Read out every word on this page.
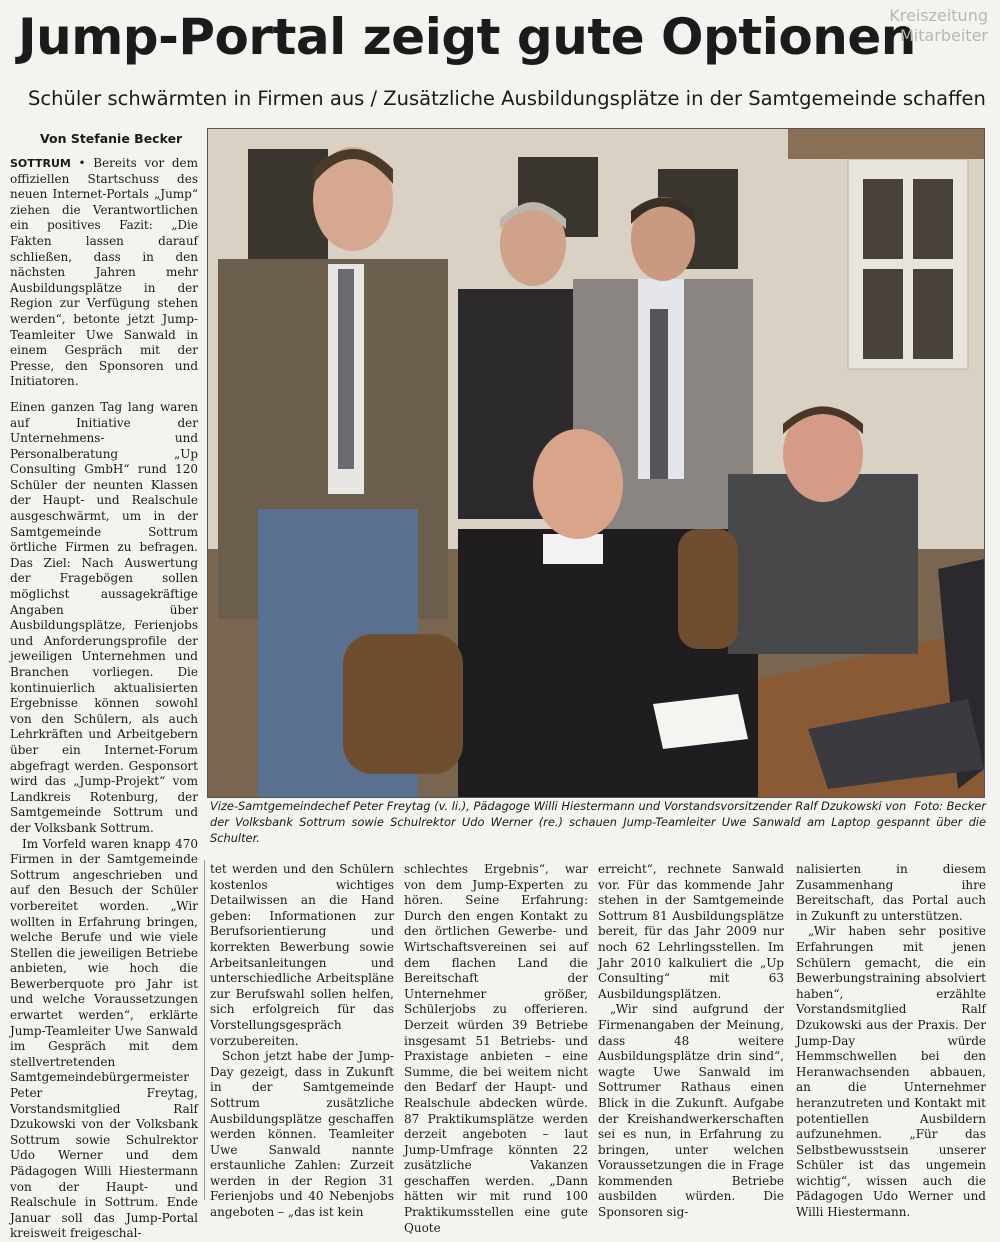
Jump-Portal zeigt gute Optionen
Kreiszeitung Mitarbeiter
Schüler schwärmten in Firmen aus / Zusätzliche Ausbildungsplätze in der Samtgemeinde schaffen
Von Stefanie Becker
Foto: Becker
Vize-Samtgemeindechef Peter Freytag (v. li.), Pädagoge Willi Hiestermann und Vorstandsvorsitzender Ralf Dzukowski von der Volksbank Sottrum sowie Schulrektor Udo Werner (re.) schauen Jump-Teamleiter Uwe Sanwald am Laptop gespannt über die Schulter.

SOTTRUM • Bereits vor dem offiziellen Startschuss des neuen Internet-Portals „Jump“ ziehen die Verantwortlichen ein positives Fazit: „Die Fakten lassen darauf schließen, dass in den nächsten Jahren mehr Ausbildungsplätze in der Region zur Verfügung stehen werden“, betonte jetzt Jump-Teamleiter Uwe Sanwald in einem Gespräch mit der Presse, den Sponsoren und Initiatoren.

Einen ganzen Tag lang waren auf Initiative der Unternehmens- und Personalberatung „Up Consulting GmbH“ rund 120 Schüler der neunten Klassen der Haupt- und Realschule ausgeschwärmt, um in der Samtgemeinde Sottrum örtliche Firmen zu befragen. Das Ziel: Nach Auswertung der Fragebögen sollen möglichst aussagekräftige Angaben über Ausbildungsplätze, Ferienjobs und Anforderungsprofile der jeweiligen Unternehmen und Branchen vorliegen. Die kontinuierlich aktualisierten Ergebnisse können sowohl von den Schülern, als auch Lehrkräften und Arbeitgebern über ein Internet-Forum abgefragt werden. Gesponsort wird das „Jump-Projekt“ vom Landkreis Rotenburg, der Samtgemeinde Sottrum und der Volksbank Sottrum.

Im Vorfeld waren knapp 470 Firmen in der Samtgemeinde Sottrum angeschrieben und auf den Besuch der Schüler vorbereitet worden. „Wir wollten in Erfahrung bringen, welche Berufe und wie viele Stellen die jeweiligen Betriebe anbieten, wie hoch die Bewerberquote pro Jahr ist und welche Voraussetzungen erwartet werden“, erklärte Jump-Teamleiter Uwe Sanwald im Gespräch mit dem stellvertretenden Samtgemeindebürgermeister Peter Freytag, Vorstandsmitglied Ralf Dzukowski von der Volksbank Sottrum sowie Schulrektor Udo Werner und dem Pädagogen Willi Hiestermann von der Haupt- und Realschule in Sottrum. Ende Januar soll das Jump-Portal kreisweit freigeschal-

tet werden und den Schülern kostenlos wichtiges Detailwissen an die Hand geben: Informationen zur Berufsorientierung und korrekten Bewerbung sowie Arbeitsanleitungen und unterschiedliche Arbeitspläne zur Berufswahl sollen helfen, sich erfolgreich für das Vorstellungsgespräch vorzubereiten.

Schon jetzt habe der Jump-Day gezeigt, dass in Zukunft in der Samtgemeinde Sottrum zusätzliche Ausbildungsplätze geschaffen werden können. Teamleiter Uwe Sanwald nannte erstaunliche Zahlen: Zurzeit werden in der Region 31 Ferienjobs und 40 Nebenjobs angeboten – „das ist kein

schlechtes Ergebnis“, war von dem Jump-Experten zu hören. Seine Erfahrung: Durch den engen Kontakt zu den örtlichen Gewerbe- und Wirtschaftsvereinen sei auf dem flachen Land die Bereitschaft der Unternehmer größer, Schülerjobs zu offerieren. Derzeit würden 39 Betriebe insgesamt 51 Betriebs- und Praxistage anbieten – eine Summe, die bei weitem nicht den Bedarf der Haupt- und Realschule abdecken würde. 87 Praktikumsplätze werden derzeit angeboten – laut Jump-Umfrage könnten 22 zusätzliche Vakanzen geschaffen werden. „Dann hätten wir mit rund 100 Praktikumsstellen eine gute Quote

erreicht“, rechnete Sanwald vor. Für das kommende Jahr stehen in der Samtgemeinde Sottrum 81 Ausbildungsplätze bereit, für das Jahr 2009 nur noch 62 Lehrlingsstellen. Im Jahr 2010 kalkuliert die „Up Consulting“ mit 63 Ausbildungsplätzen.

„Wir sind aufgrund der Firmenangaben der Meinung, dass 48 weitere Ausbildungsplätze drin sind“, wagte Uwe Sanwald im Sottrumer Rathaus einen Blick in die Zukunft. Aufgabe der Kreishandwerkerschaften sei es nun, in Erfahrung zu bringen, unter welchen Voraussetzungen die in Frage kommenden Betriebe ausbilden würden. Die Sponsoren sig-

nalisierten in diesem Zusammenhang ihre Bereitschaft, das Portal auch in Zukunft zu unterstützen.

„Wir haben sehr positive Erfahrungen mit jenen Schülern gemacht, die ein Bewerbungstraining absolviert haben“, erzählte Vorstandsmitglied Ralf Dzukowski aus der Praxis. Der Jump-Day würde Hemmschwellen bei den Heranwachsenden abbauen, an die Unternehmer heranzutreten und Kontakt mit potentiellen Ausbildern aufzunehmen. „Für das Selbstbewusstsein unserer Schüler ist das ungemein wichtig“, wissen auch die Pädagogen Udo Werner und Willi Hiestermann.
